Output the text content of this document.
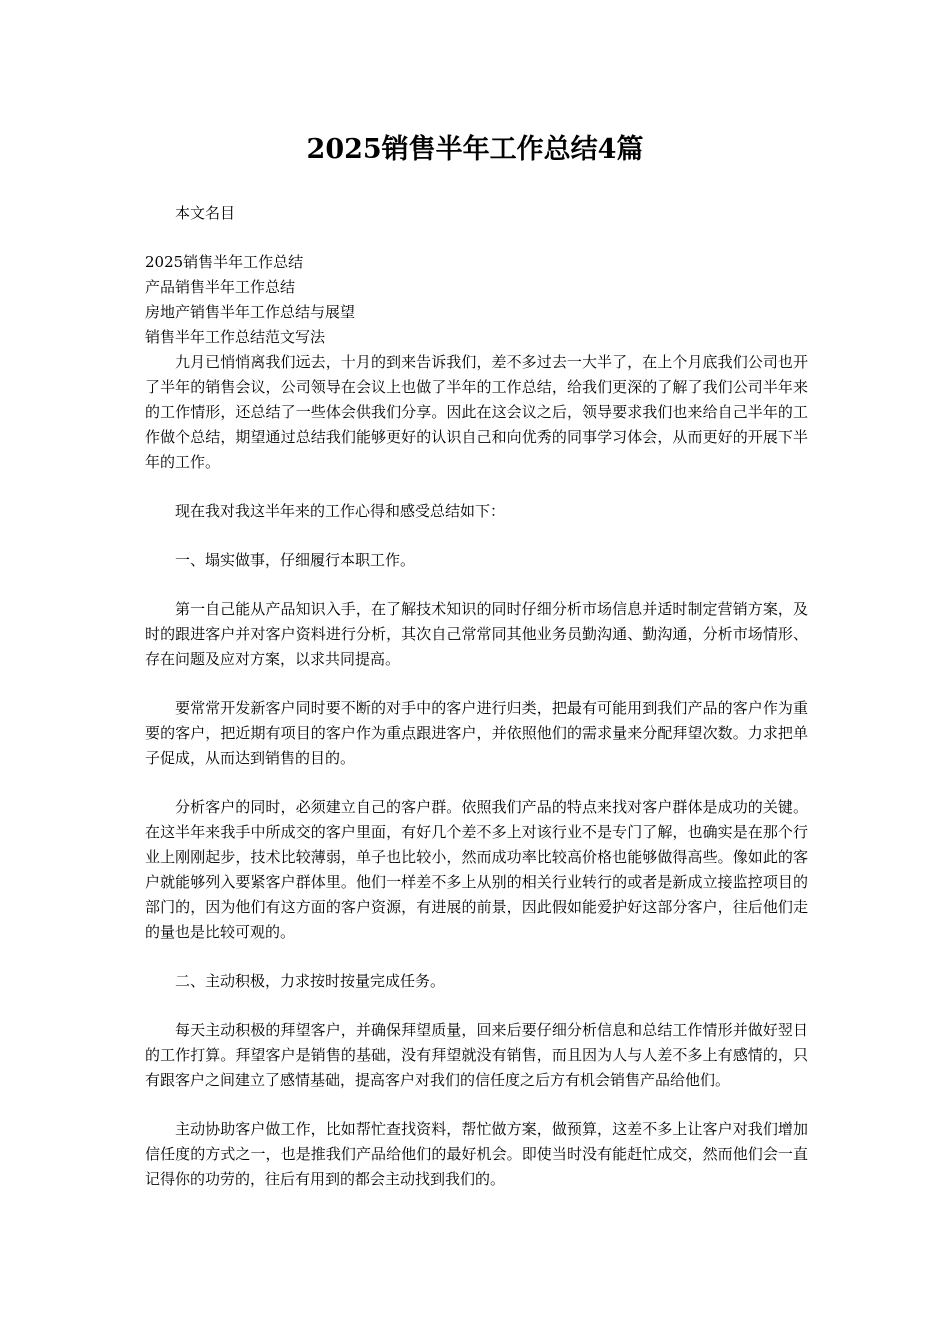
2025销售半年工作总结4篇

本文名目

2025销售半年工作总结

产品销售半年工作总结

房地产销售半年工作总结与展望

销售半年工作总结范文写法

九月已悄悄离我们远去，十月的到来告诉我们，差不多过去一大半了，在上个月底我们公司也开了半年的销售会议，公司领导在会议上也做了半年的工作总结，给我们更深的了解了我们公司半年来的工作情形，还总结了一些体会供我们分享。因此在这会议之后，领导要求我们也来给自己半年的工作做个总结，期望通过总结我们能够更好的认识自己和向优秀的同事学习体会，从而更好的开展下半年的工作。

现在我对我这半年来的工作心得和感受总结如下：

一、塌实做事，仔细履行本职工作。

第一自己能从产品知识入手，在了解技术知识的同时仔细分析市场信息并适时制定营销方案，及时的跟进客户并对客户资料进行分析，其次自己常常同其他业务员勤沟通、勤沟通，分析市场情形、存在问题及应对方案，以求共同提高。

要常常开发新客户同时要不断的对手中的客户进行归类，把最有可能用到我们产品的客户作为重要的客户，把近期有项目的客户作为重点跟进客户，并依照他们的需求量来分配拜望次数。力求把单子促成，从而达到销售的目的。

分析客户的同时，必须建立自己的客户群。依照我们产品的特点来找对客户群体是成功的关键。在这半年来我手中所成交的客户里面，有好几个差不多上对该行业不是专门了解，也确实是在那个行业上刚刚起步，技术比较薄弱，单子也比较小，然而成功率比较高价格也能够做得高些。像如此的客户就能够列入要紧客户群体里。他们一样差不多上从别的相关行业转行的或者是新成立接监控项目的部门的，因为他们有这方面的客户资源，有进展的前景，因此假如能爱护好这部分客户，往后他们走的量也是比较可观的。

二、主动积极，力求按时按量完成任务。

每天主动积极的拜望客户，并确保拜望质量，回来后要仔细分析信息和总结工作情形并做好翌日的工作打算。拜望客户是销售的基础，没有拜望就没有销售，而且因为人与人差不多上有感情的，只有跟客户之间建立了感情基础，提高客户对我们的信任度之后方有机会销售产品给他们。

主动协助客户做工作，比如帮忙查找资料，帮忙做方案，做预算，这差不多上让客户对我们增加信任度的方式之一，也是推我们产品给他们的最好机会。即使当时没有能赶忙成交，然而他们会一直记得你的功劳的，往后有用到的都会主动找到我们的。
